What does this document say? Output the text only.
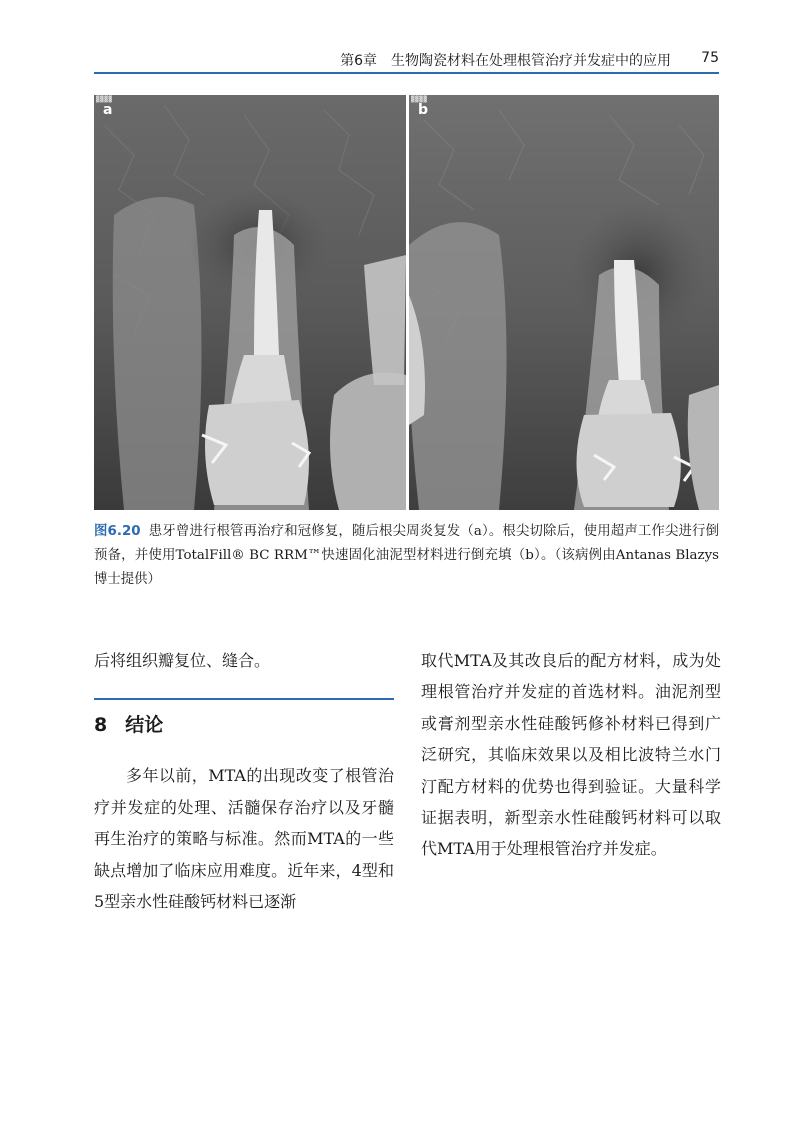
第6章　生物陶瓷材料在处理根管治疗并发症中的应用 75
▓▓▓▓
a
▓▓▓▓
b
图6.20 患牙曾进行根管再治疗和冠修复，随后根尖周炎复发（a）。根尖切除后，使用超声工作尖进行倒预备，并使用TotalFill® BC RRM™快速固化油泥型材料进行倒充填（b）。（该病例由Antanas Blazys博士提供）

后将组织瓣复位、缝合。

8 结论

多年以前，MTA的出现改变了根管治疗并发症的处理、活髓保存治疗以及牙髓再生治疗的策略与标准。然而MTA的一些缺点增加了临床应用难度。近年来，4型和5型亲水性硅酸钙材料已逐渐

取代MTA及其改良后的配方材料，成为处理根管治疗并发症的首选材料。油泥剂型或膏剂型亲水性硅酸钙修补材料已得到广泛研究，其临床效果以及相比波特兰水门汀配方材料的优势也得到验证。大量科学证据表明，新型亲水性硅酸钙材料可以取代MTA用于处理根管治疗并发症。
